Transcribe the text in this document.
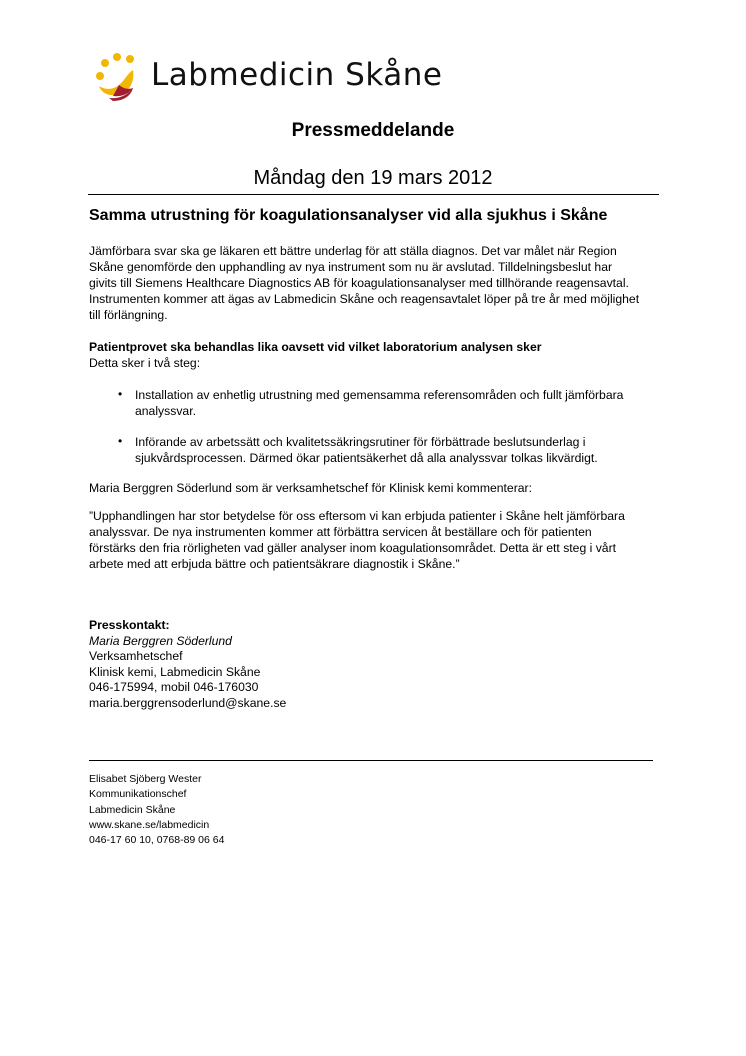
Labmedicin Skåne
Pressmeddelande
Måndag den 19 mars 2012
Samma utrustning för koagulationsanalyser vid alla sjukhus i Skåne
Jämförbara svar ska ge läkaren ett bättre underlag för att ställa diagnos. Det var målet när Region
Skåne genomförde den upphandling av nya instrument som nu är avslutad. Tilldelningsbeslut har
givits till Siemens Healthcare Diagnostics AB för koagulationsanalyser med tillhörande reagensavtal.
Instrumenten kommer att ägas av Labmedicin Skåne och reagensavtalet löper på tre år med möjlighet
till förlängning.
Patientprovet ska behandlas lika oavsett vid vilket laboratorium analysen sker
Detta sker i två steg:
• Installation av enhetlig utrustning med gemensamma referensområden och fullt jämförbara
analyssvar.
• Införande av arbetssätt och kvalitetssäkringsrutiner för förbättrade beslutsunderlag i
sjukvårdsprocessen. Därmed ökar patientsäkerhet då alla analyssvar tolkas likvärdigt.
Maria Berggren Söderlund som är verksamhetschef för Klinisk kemi kommenterar:
”Upphandlingen har stor betydelse för oss eftersom vi kan erbjuda patienter i Skåne helt jämförbara
analyssvar. De nya instrumenten kommer att förbättra servicen åt beställare och för patienten
förstärks den fria rörligheten vad gäller analyser inom koagulationsområdet. Detta är ett steg i vårt
arbete med att erbjuda bättre och patientsäkrare diagnostik i Skåne.”
Presskontakt:
Maria Berggren Söderlund
Verksamhetschef
Klinisk kemi, Labmedicin Skåne
046-175994, mobil 046-176030
maria.berggrensoderlund@skane.se
Elisabet Sjöberg Wester
Kommunikationschef
Labmedicin Skåne
www.skane.se/labmedicin
046-17 60 10, 0768-89 06 64
